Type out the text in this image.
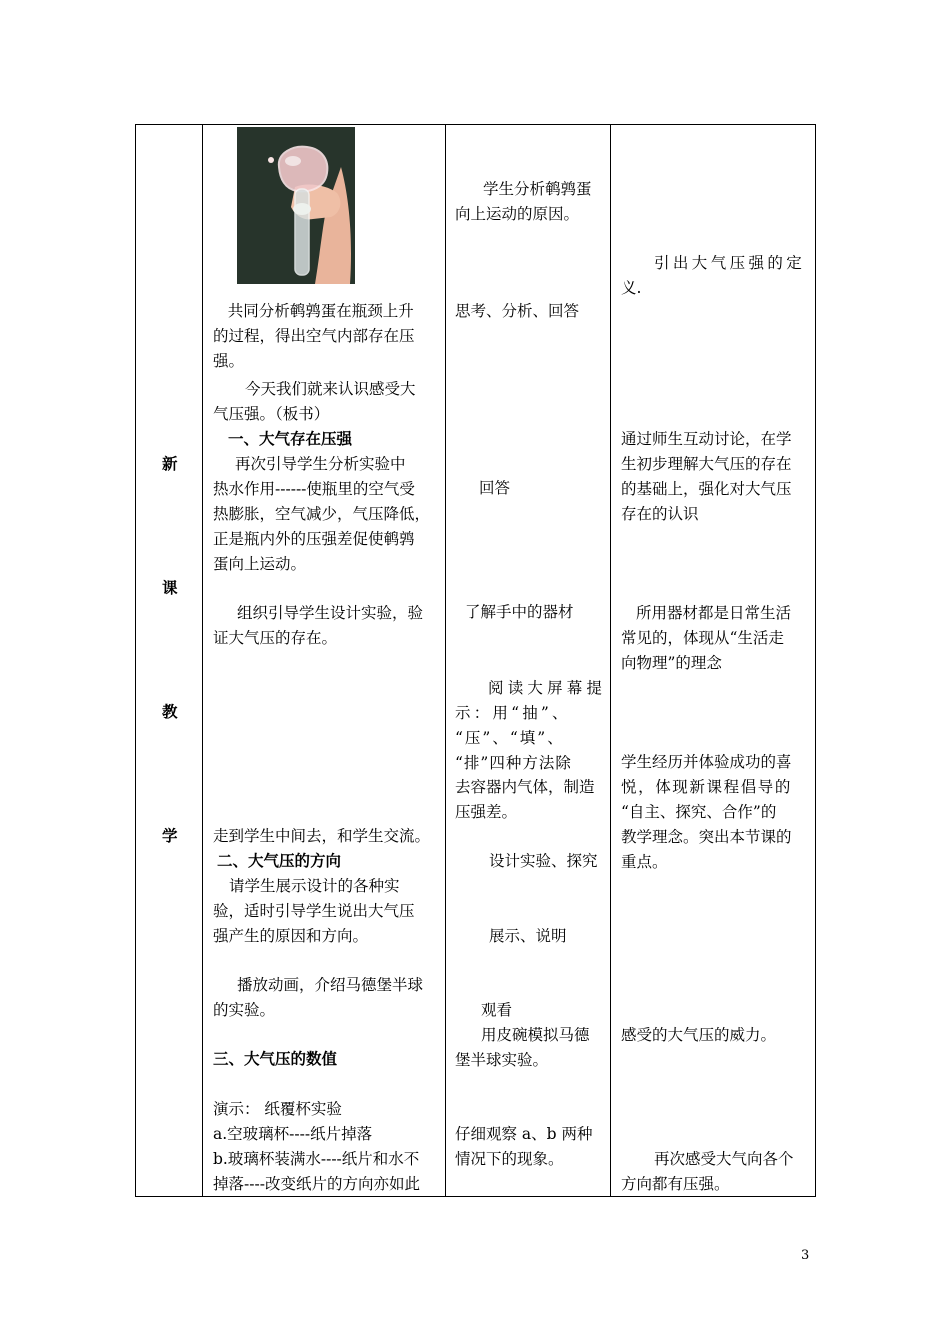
新
课
教
学
共同分析鹌鹑蛋在瓶颈上升
的过程，得出空气内部存在压
强。
今天我们就来认识感受大
气压强。（板书）
一、大气存在压强
再次引导学生分析实验中
热水作用------使瓶里的空气受
热膨胀，空气减少，气压降低，
正是瓶内外的压强差促使鹌鹑
蛋向上运动。
组织引导学生设计实验，验
证大气压的存在。
走到学生中间去，和学生交流。
二、大气压的方向
请学生展示设计的各种实
验，适时引导学生说出大气压
强产生的原因和方向。
播放动画，介绍马德堡半球
的实验。
三、大气压的数值
演示： 纸覆杯实验
a.空玻璃杯----纸片掉落
b.玻璃杯装满水----纸片和水不
掉落----改变纸片的方向亦如此
学生分析鹌鹑蛋
向上运动的原因。
思考、分析、回答
回答
了解手中的器材
阅读大屏幕提
示：用“抽”、
“压”、“填”、
“排”四种方法除
去容器内气体，制造
压强差。
设计实验、探究
展示、说明
观看
用皮碗模拟马德
堡半球实验。
仔细观察 a、b 两种
情况下的现象。
引出大气压强的定
义.
通过师生互动讨论，在学
生初步理解大气压的存在
的基础上，强化对大气压
存在的认识
所用器材都是日常生活
常见的，体现从“生活走
向物理”的理念
学生经历并体验成功的喜
悦，体现新课程倡导的
“自主、探究、合作”的
教学理念。突出本节课的
重点。
感受的大气压的威力。
再次感受大气向各个
方向都有压强。
3
